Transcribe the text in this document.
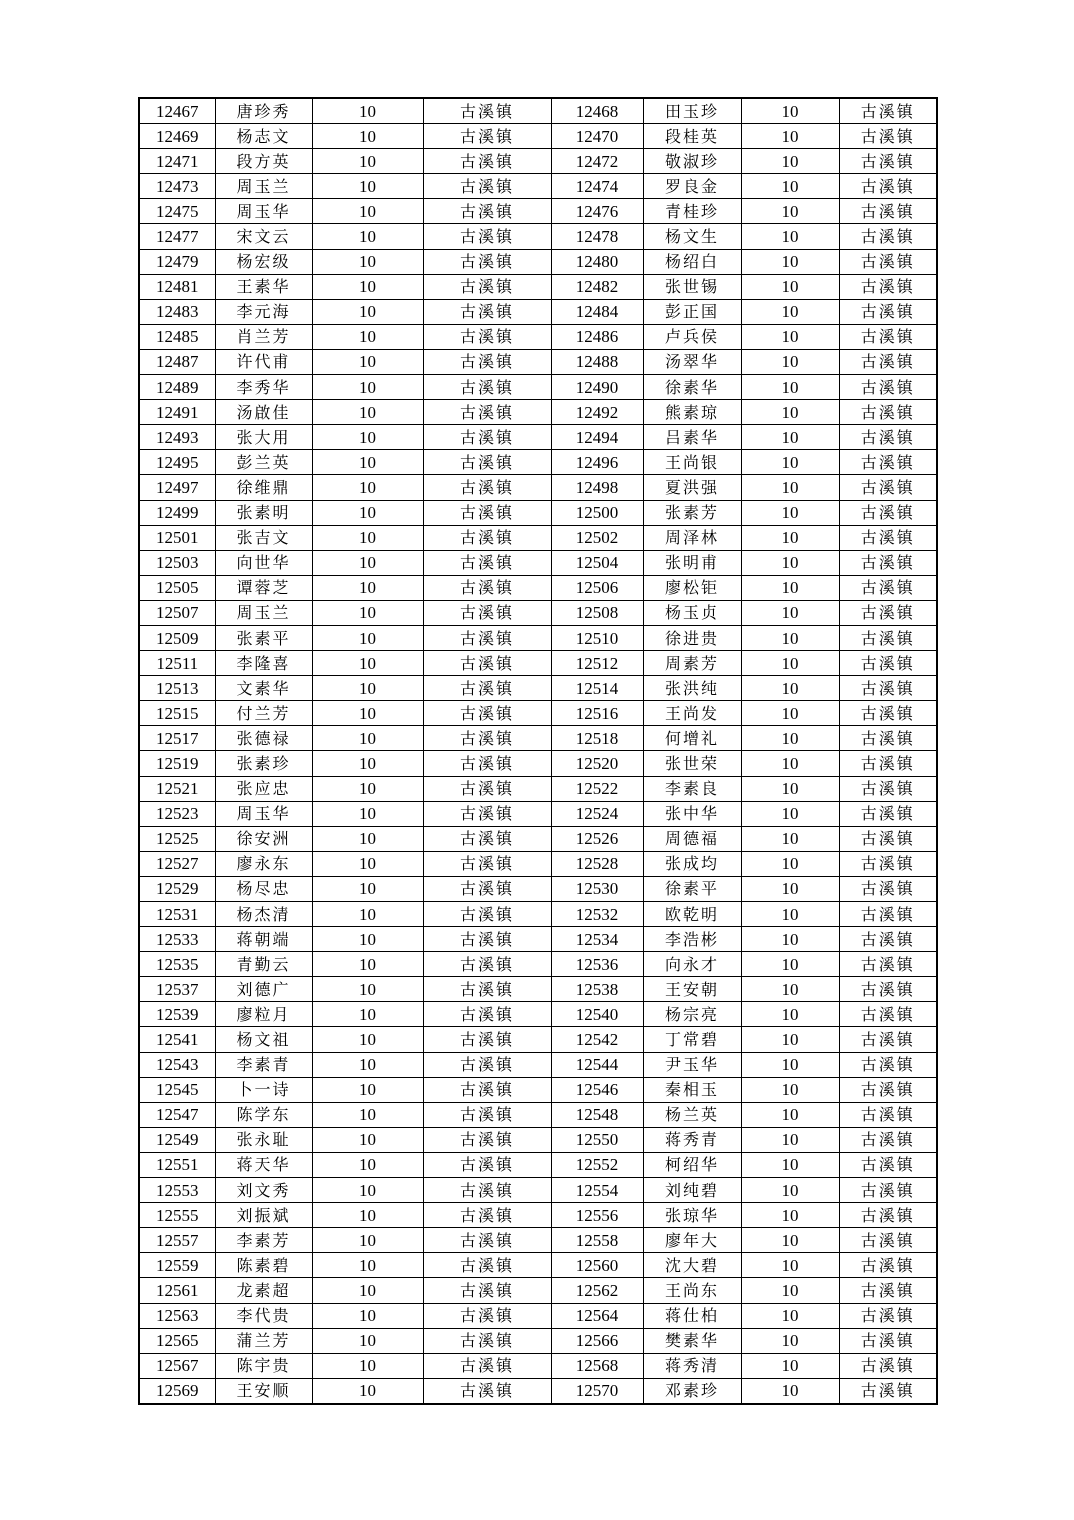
12467	唐珍秀	10	古溪镇	12468	田玉珍	10	古溪镇
12469	杨志文	10	古溪镇	12470	段桂英	10	古溪镇
12471	段方英	10	古溪镇	12472	敬淑珍	10	古溪镇
12473	周玉兰	10	古溪镇	12474	罗良金	10	古溪镇
12475	周玉华	10	古溪镇	12476	青桂珍	10	古溪镇
12477	宋文云	10	古溪镇	12478	杨文生	10	古溪镇
12479	杨宏级	10	古溪镇	12480	杨绍白	10	古溪镇
12481	王素华	10	古溪镇	12482	张世锡	10	古溪镇
12483	李元海	10	古溪镇	12484	彭正国	10	古溪镇
12485	肖兰芳	10	古溪镇	12486	卢兵侯	10	古溪镇
12487	许代甫	10	古溪镇	12488	汤翠华	10	古溪镇
12489	李秀华	10	古溪镇	12490	徐素华	10	古溪镇
12491	汤啟佳	10	古溪镇	12492	熊素琼	10	古溪镇
12493	张大用	10	古溪镇	12494	吕素华	10	古溪镇
12495	彭兰英	10	古溪镇	12496	王尚银	10	古溪镇
12497	徐维鼎	10	古溪镇	12498	夏洪强	10	古溪镇
12499	张素明	10	古溪镇	12500	张素芳	10	古溪镇
12501	张吉文	10	古溪镇	12502	周泽林	10	古溪镇
12503	向世华	10	古溪镇	12504	张明甫	10	古溪镇
12505	谭蓉芝	10	古溪镇	12506	廖松钜	10	古溪镇
12507	周玉兰	10	古溪镇	12508	杨玉贞	10	古溪镇
12509	张素平	10	古溪镇	12510	徐进贵	10	古溪镇
12511	李隆喜	10	古溪镇	12512	周素芳	10	古溪镇
12513	文素华	10	古溪镇	12514	张洪纯	10	古溪镇
12515	付兰芳	10	古溪镇	12516	王尚发	10	古溪镇
12517	张德禄	10	古溪镇	12518	何增礼	10	古溪镇
12519	张素珍	10	古溪镇	12520	张世荣	10	古溪镇
12521	张应忠	10	古溪镇	12522	李素良	10	古溪镇
12523	周玉华	10	古溪镇	12524	张中华	10	古溪镇
12525	徐安洲	10	古溪镇	12526	周德福	10	古溪镇
12527	廖永东	10	古溪镇	12528	张成均	10	古溪镇
12529	杨尽忠	10	古溪镇	12530	徐素平	10	古溪镇
12531	杨杰清	10	古溪镇	12532	欧乾明	10	古溪镇
12533	蒋朝端	10	古溪镇	12534	李浩彬	10	古溪镇
12535	青勤云	10	古溪镇	12536	向永才	10	古溪镇
12537	刘德广	10	古溪镇	12538	王安朝	10	古溪镇
12539	廖粒月	10	古溪镇	12540	杨宗亮	10	古溪镇
12541	杨文祖	10	古溪镇	12542	丁常碧	10	古溪镇
12543	李素青	10	古溪镇	12544	尹玉华	10	古溪镇
12545	卜一诗	10	古溪镇	12546	秦相玉	10	古溪镇
12547	陈学东	10	古溪镇	12548	杨兰英	10	古溪镇
12549	张永耻	10	古溪镇	12550	蒋秀青	10	古溪镇
12551	蒋天华	10	古溪镇	12552	柯绍华	10	古溪镇
12553	刘文秀	10	古溪镇	12554	刘纯碧	10	古溪镇
12555	刘振斌	10	古溪镇	12556	张琼华	10	古溪镇
12557	李素芳	10	古溪镇	12558	廖年大	10	古溪镇
12559	陈素碧	10	古溪镇	12560	沈大碧	10	古溪镇
12561	龙素超	10	古溪镇	12562	王尚东	10	古溪镇
12563	李代贵	10	古溪镇	12564	蒋仕柏	10	古溪镇
12565	蒲兰芳	10	古溪镇	12566	樊素华	10	古溪镇
12567	陈宇贵	10	古溪镇	12568	蒋秀清	10	古溪镇
12569	王安顺	10	古溪镇	12570	邓素珍	10	古溪镇
